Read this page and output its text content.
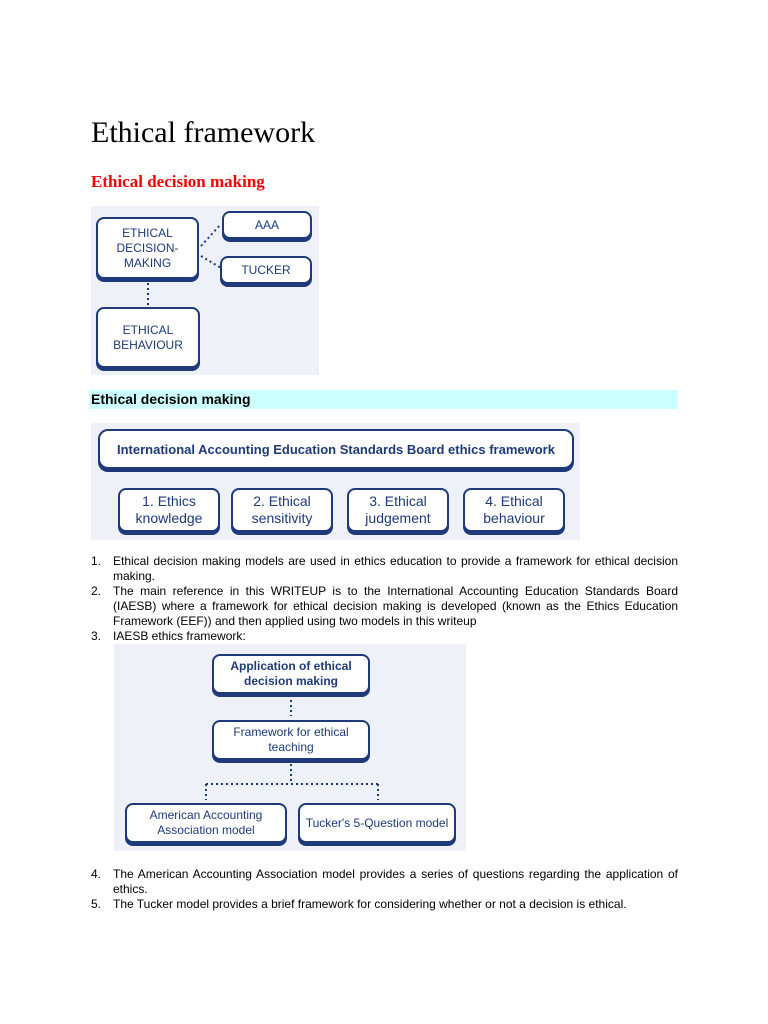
Ethical framework
Ethical decision making
ETHICAL DECISION-MAKING
AAA
TUCKER
ETHICAL BEHAVIOUR
Ethical decision making
International Accounting Education Standards Board ethics framework
1. Ethics knowledge
2. Ethical sensitivity
3. Ethical judgement
4. Ethical behaviour
1. Ethical decision making models are used in ethics education to provide a framework for ethical decision making.
2. The main reference in this WRITEUP is to the International Accounting Education Standards Board (IAESB) where a framework for ethical decision making is developed (known as the Ethics Education Framework (EEF)) and then applied using two models in this writeup
3. IAESB ethics framework:
Application of ethical decision making
Framework for ethical teaching
American Accounting Association model
Tucker's 5-Question model
4. The American Accounting Association model provides a series of questions regarding the application of ethics.
5. The Tucker model provides a brief framework for considering whether or not a decision is ethical.
